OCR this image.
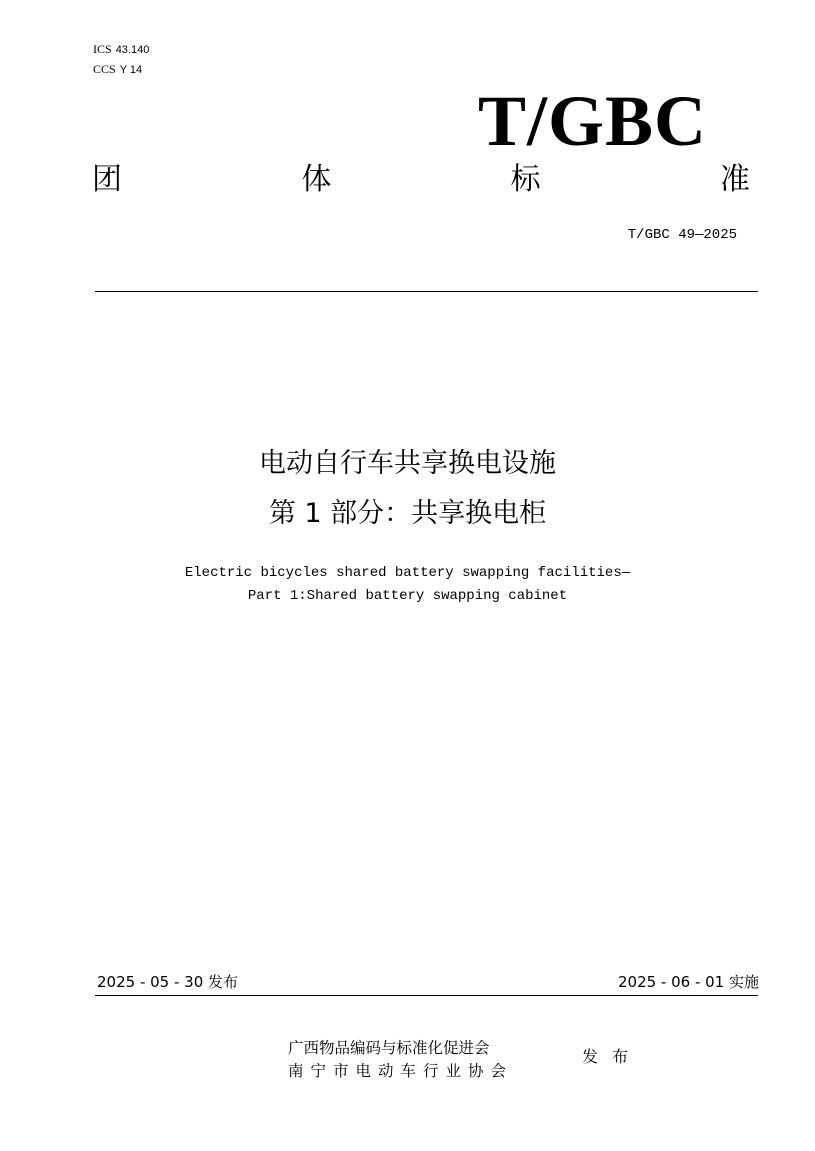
ICS 43.140
CCS Y 14
T/GBC
团	体	标	准
T/GBC 49—2025
电动自行车共享换电设施
第 1 部分：共享换电柜
Electric bicycles shared battery swapping facilities—
Part 1:Shared battery swapping cabinet
2025 - 05 - 30 发布	2025 - 06 - 01 实施
广西物品编码与标准化促进会
南宁市电动车行业协会
发布
